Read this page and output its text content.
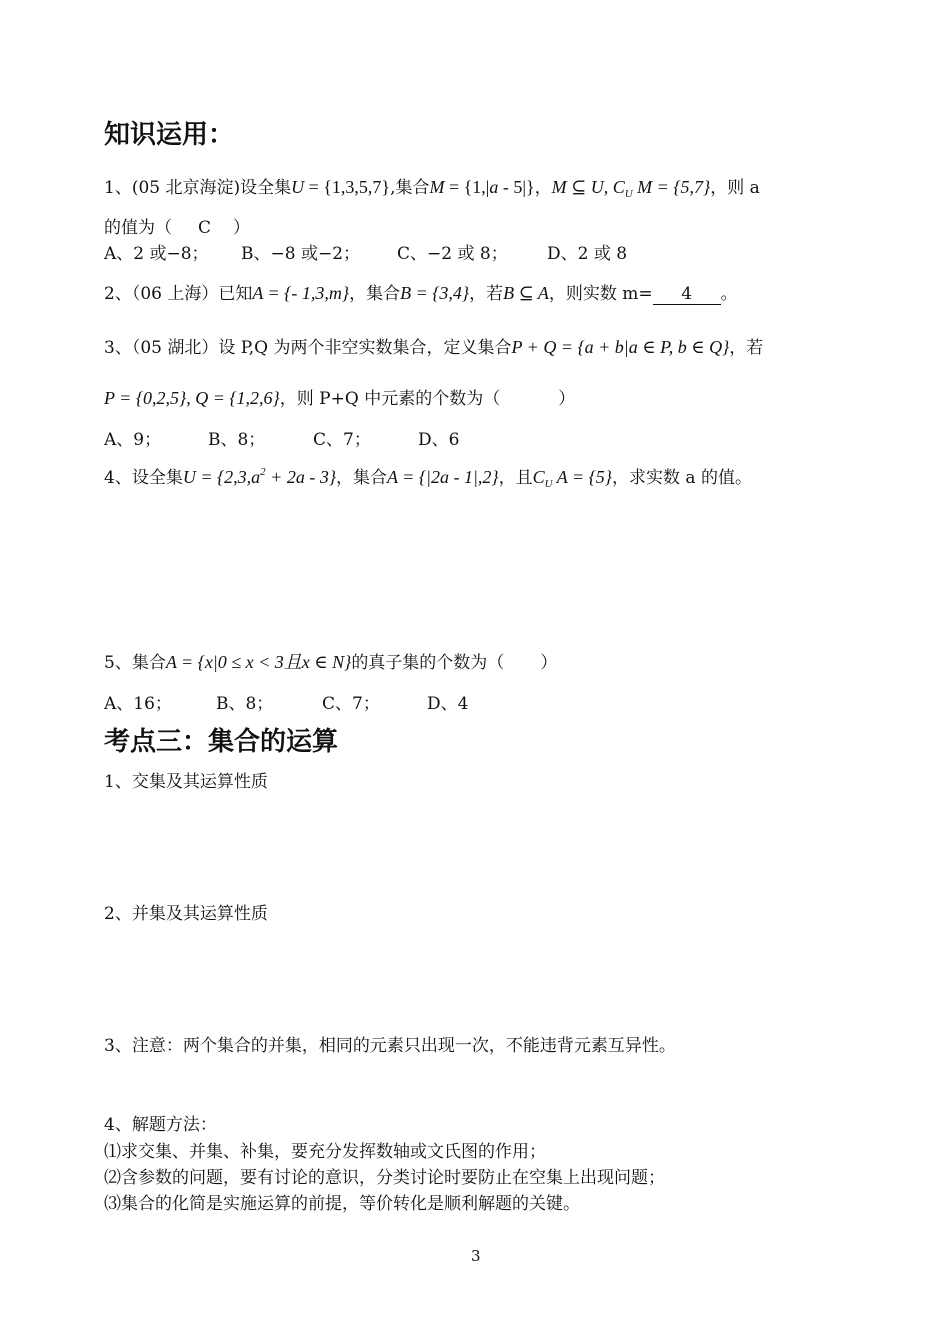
知识运用：
1、(05 北京海淀)设全集U = {1,3,5,7},集合M = {1,|a - 5|}，M ⊆ U, $C_U$ M = {5,7}，则 a
的值为（ C ）
A、2 或−8； B、−8 或−2； C、−2 或 8； D、2 或 8
2、（06 上海）已知A = {- 1,3,m}，集合B = {3,4}，若B ⊆ A，则实数 m= 4 。
3、（05 湖北）设 P,Q 为两个非空实数集合，定义集合P + Q = {a + b|a ∈ P, b ∈ Q}，若
P = {0,2,5}, Q = {1,2,6}，则 P+Q 中元素的个数为（	）
A、9；	B、8；	C、7；	D、6
4、设全集$U = \{2,3,a^2 + 2a - 3\}$，集合A = {|2a - 1|,2}，且$C_U$ A = {5}，求实数 a 的值。
5、集合A = {x|0 ≤ x < 3且x ∈ N}的真子集的个数为（ ）
A、16；	B、8；	C、7；	D、4
考点三：集合的运算
1、交集及其运算性质
2、并集及其运算性质
3、注意：两个集合的并集，相同的元素只出现一次，不能违背元素互异性。
4、解题方法：
⑴求交集、并集、补集，要充分发挥数轴或文氏图的作用；
⑵含参数的问题，要有讨论的意识，分类讨论时要防止在空集上出现问题；
⑶集合的化简是实施运算的前提，等价转化是顺利解题的关键。
3
